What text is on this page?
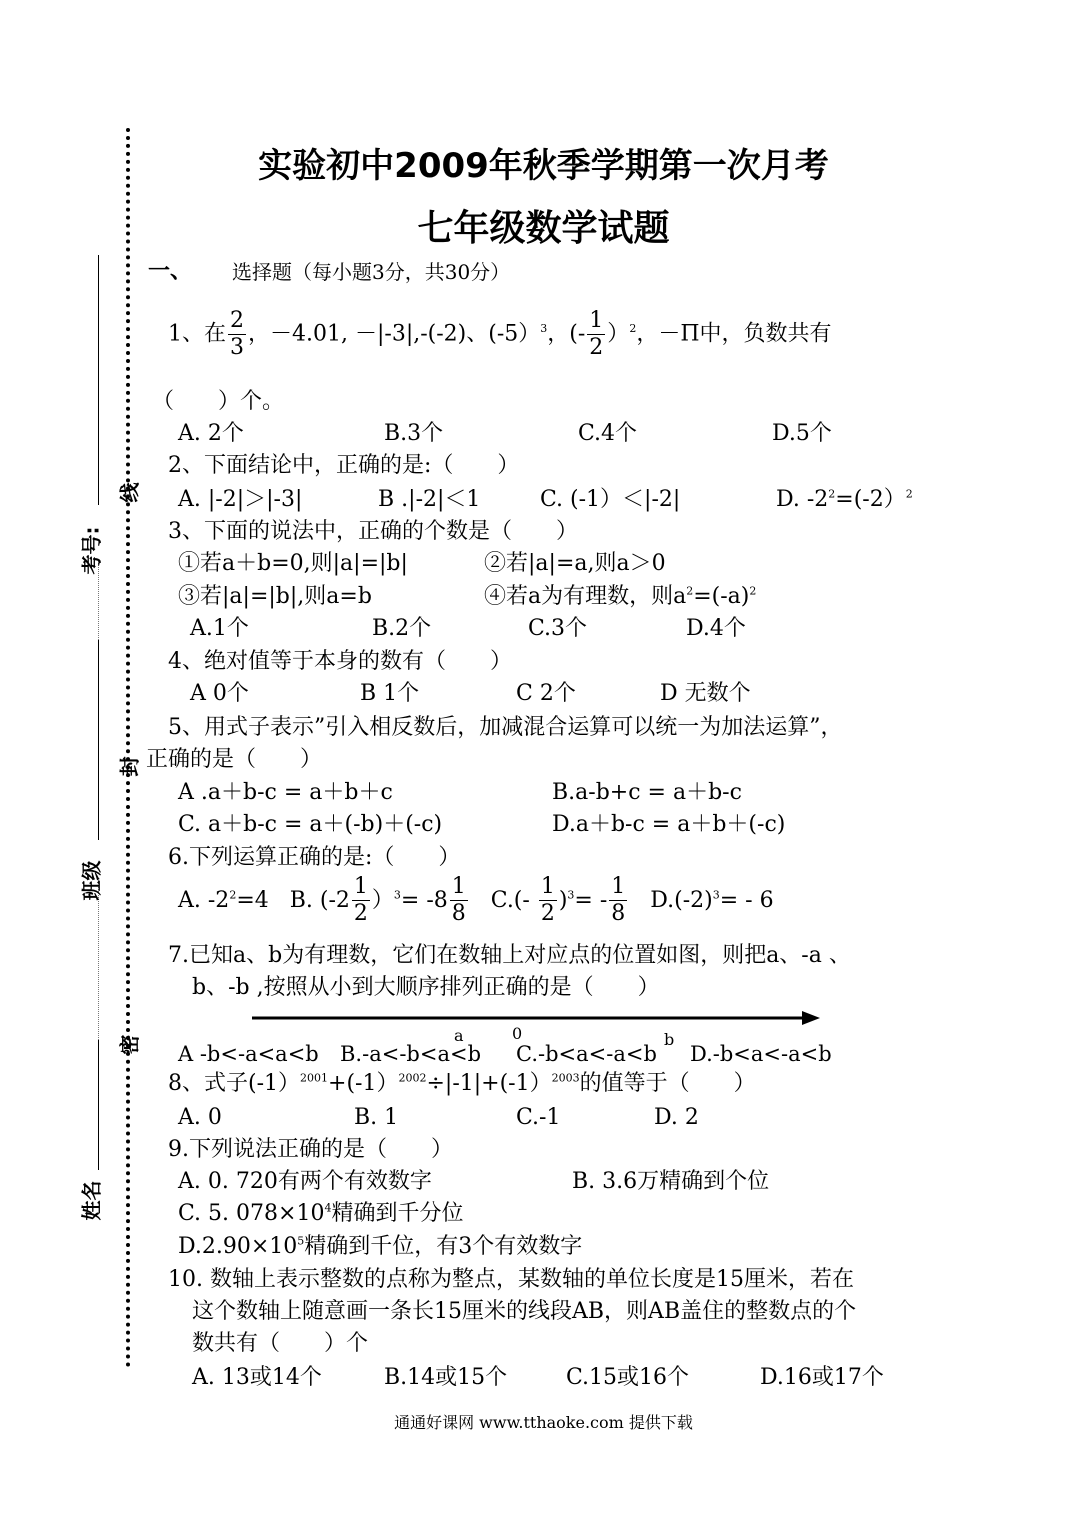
线
封
密
考号:
班级
姓名
实验初中2009年秋季学期第一次月考
七年级数学试题
一、 选择题（每小题3分，共30分）
1、在 $\frac{2}{3}$ ，－4.01, －|-3|,-(-2)、(-5）$^3$，(- $\frac{1}{2} )^2$，－Π中，负数共有
（　　）个。
A. 2个	B.3个	C.4个	D.5个
2、下面结论中，正确的是:（　　）
A. |-2|＞|-3|	B .|-2|＜1	C. (-1）＜|-2|	D. $-2^2=(-2)^2$
3、下面的说法中，正确的个数是（　　）
①若a＋b=0,则|a|=|b|	②若|a|=a,则a＞0
③若|a|=|b|,则a=b	④若a为有理数，则$a^2=(-a)^2$
A.1个	B.2个	C.3个	D.4个
4、绝对值等于本身的数有（　　）
A 0个	B 1个	C 2个	D 无数个
5、用式子表示”引入相反数后，加减混合运算可以统一为加法运算”，
正确的是（　　）
A .a＋b-c = a＋b＋c	B.a-b+c = a＋b-c
C. a＋b-c = a＋(-b)＋(-c)	D.a＋b-c = a＋b＋(-c)
6.下列运算正确的是:（　　）
A. $-2^2=4$ B. $(-2 \frac{1}{2} )^3= -8 \frac{1}{8} C.(- \frac{1}{2} )^3= - \frac{1}{8} D.(-2)^3= - 6$
7.已知a、b为有理数，它们在数轴上对应点的位置如图，则把a、-a 、
b、-b ,按照从小到大顺序排列正确的是（　　）
a	0	b
A -b<-a<a<b B.-a<-b<a<b C.-b<a<-a<b D.-b<a<-a<b
8、式子(-1）$^{2001}$+(-1）$^{2002}$÷|-1|+(-1）$^{2003}$的值等于（　　）
A. 0	B. 1	C.-1	D. 2
9.下列说法正确的是（　　）
A. 0. 720有两个有效数字	B. 3.6万精确到个位
C. 5. $078\times 10^4$精确到千分位
$D.2.90\times 10^5$精确到千位，有3个有效数字
10. 数轴上表示整数的点称为整点，某数轴的单位长度是15厘米，若在
这个数轴上随意画一条长15厘米的线段AB，则AB盖住的整数点的个
数共有（　　）个
A. 13或14个	B.14或15个	C.15或16个	D.16或17个
通通好课网 www.tthaoke.com 提供下载
